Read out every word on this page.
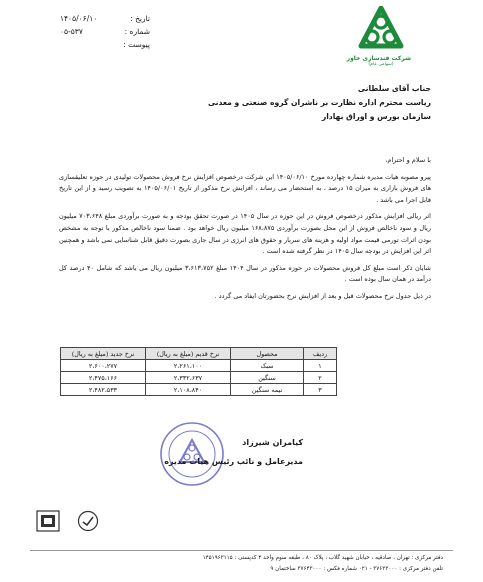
شرکت فندسازی خاور
(سهامی عام)
تاریخ :
۱۴۰۵/۰۶/۱۰
شماره :
۰۵-۵۳۷
پیوست :
جناب آقای سلطانی
ریاست محترم اداره نظارت بر ناشران گروه صنعتی و معدنی
سازمان بورس و اوراق بهادار

با سلام و احترام،

پیرو مصوبه هیات مدیره شماره چهارده مورخ ۱۴۰۵/۰۶/۱۰ این شرکت درخصوص افزایش نرخ فروش محصولات تولیدی در حوزه تعلیقسازی های فروش بازاری به میزان ۱۵ درصد ، به استحضار می رساند ، افزایش نرخ مذکور از تاریخ ۱۴۰۵/۰۶/۰۱ به تصویب رسید و از این تاریخ قابل اجرا می باشد .

اثر ریالی افزایش مذکور درخصوص فروش در این حوزه در سال ۱۴۰۵ در صورت تحقق بودجه و به صورت برآوردی مبلغ ۷۰۳،۶۴۸ میلیون ریال و سود ناخالص فروش از این محل بصورت برآوردی ۱۶۸،۸۷۵ میلیون ریال خواهد بود . ضمنا سود ناخالص مذکور با توجه به مشخص بودن اثرات تورمی قیمت مواد اولیه و هزینه های سربار و حقوق های انرژی در سال جاری بصورت دقیق قابل شناسایی نمی باشد و همچنین اثر این افزایش در بودجه سال ۱۴۰۵ در نظر گرفته شده است .

شایان ذکر است مبلغ کل فروش محصولات در حوزه مذکور در سال ۱۴۰۴ مبلغ ۳،۶۱۳،۷۵۲ میلیون ریال می باشد که شامل ۴۰ درصد کل درآمد در همان سال بوده است .

در ذیل جدول نرخ محصولات قبل و بعد از افزایش نرخ بحضورتان ایفاد می گردد .

ردیف	محصول	نرخ قدیم (مبلغ به ریال)	نرخ جدید (مبلغ به ریال)
۱	سبک	۲،۲۶۱،۱۰۰	۲،۶۰۰،۲۷۷
۲	سنگین	۲،۳۳۲،۶۳۷	۲،۴۷۵،۱۶۶
۳	نیمه سنگین	۲،۱۰۸،۸۴۰	۲،۴۸۲،۵۳۳
کیامران شیرزاد
مدیرعامل و نائب رئیس هیات مدیره
دفتر مرکزی : تهران ، صادقیه ، خیابان شهید گلاب ، پلاک ۸۰ ، طبقه سوم واحد ۴ کدپستی : ۱۴۵۱۹۶۳۱۱۵
تلفن دفتر مرکزی : ۳۷۶۳۳۰۰۰ - ۰۲۱ شماره فکس : ۳۷۶۴۳۰۰۰ ساختمان ۹
